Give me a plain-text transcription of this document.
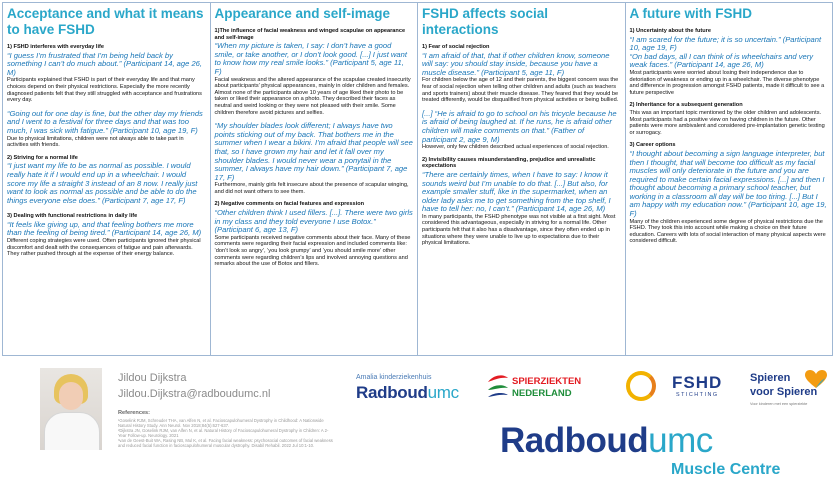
Acceptance and what it means to have FSHD
1) FSHD interferes with everyday life

“I guess I’m frustrated that I’m being held back by something I can’t do much about.” (Participant 14, age 26, M)

Participants explained that FSHD is part of their everyday life and that many choices depend on their physical restrictions. Especially the more recently diagnosed patients felt that they still struggled with acceptance and frustrations every day.

“Going out for one day is fine, but the other day my friends and I went to a festival for three days and that was too much, I was sick with fatigue.” (Participant 10, age 19, F)

Due to physical limitations, children were not always able to take part in activities with friends.

2) Striving for a normal life

“I just want my life to be as normal as possible. I would really hate it if I would end up in a wheelchair. I would score my life a straight 3 instead of an 8 now. I really just want to look as normal as possible and be able to do the things everyone else does.” (Participant 7, age 17, F)

3) Dealing with functional restrictions in daily life

“It feels like giving up, and that feeling bothers me more than the feeling of being tired.” (Participant 14, age 26, M)

Different coping strategies were used. Often participants ignored their physical discomfort and dealt with the consequences of fatigue and pain afterwards. They rather pushed through at the expense of their energy balance.

Appearance and self-image
1)The influence of facial weakness and winged scapulae on appearance and self-image

“When my picture is taken, I say: I don’t have a good smile, or take another, or I don’t look good. [...] I just want to know how my real smile looks.” (Participant 5, age 11, F)

Facial weakness and the altered appearance of the scapulae created insecurity about participants’ physical appearances, mainly in older children and females. Almost none of the participants above 10 years of age liked their photo to be taken or liked their appearance on a photo. They described their faces as neutral and weird looking or they were not pleased with their smile. Some children therefore avoid pictures and selfies.

“My shoulder blades look different; I always have two points sticking out of my back. That bothers me in the summer when I wear a bikini. I’m afraid that people will see that, so I have grown my hair and let it fall over my shoulder blades. I would never wear a ponytail in the summer, I always have my hair down.” (Participant 7, age 17, F)

Furthermore, mainly girls felt insecure about the presence of scapular winging, and did not want others to see them.

2) Negative comments on facial features and expression

“Other children think I used fillers. [...]. There were two girls in my class and they told everyone I use Botox.” (Participant 6, age 13, F)

Some participants received negative comments about their face. Many of these comments were regarding their facial expression and included comments like: ‘don’t look so angry’, ‘you look grumpy’ and ‘you should smile more’ other comments were regarding children’s lips and involved annoying questions and remarks about the use of Botox and fillers.

FSHD affects social interactions
1) Fear of social rejection

“I am afraid of that, that if other children know, someone will say: you should stay inside, because you have a muscle disease.” (Participant 5, age 11, F)

For children below the age of 12 and their parents, the biggest concern was the fear of social rejection when telling other children and adults (such as teachers and sports trainers) about their muscle disease. They feared that they would be treated differently, would be disqualified from physical activities or being bullied.

[...] “He is afraid to go to school on his tricycle because he is afraid of being laughed at. If he runs, he is afraid other children will make comments on that.” (Father of participant 2, age 9, M)

However, only few children described actual experiences of social rejection.

2) Invisibility causes misunderstanding, prejudice and unrealistic expectations

“There are certainly times, when I have to say: I know it sounds weird but I’m unable to do that. [...] But also, for example smaller stuff, like in the supermarket, when an older lady asks me to get something from the top shelf, I have to tell her: no, I can’t.” (Participant 14, age 26, M)

In many participants, the FSHD phenotype was not visible at a first sight. Most considered this advantageous, especially in striving for a normal life. Other participants felt that it also has a disadvantage, since they often ended up in situations where they were unable to live up to expectations due to their physical limitations.

A future with FSHD
1) Uncertainty about the future

“I am scared for the future; it is so uncertain.” (Participant 10, age 19, F)

“On bad days, all I can think of is wheelchairs and very weak faces.” (Participant 14, age 26, M)

Most participants were worried about losing their independence due to detoriation of weakness or ending up in a wheelchair. The diverse phenotype and difference in progression amongst FSHD patients, made it difficult to see a future perspective

2) Inheritance for a subsequent generation

This was an important topic mentioned by the older children and adolescents. Most participants had a positive view on having children in the future. Other patients were more ambivalent and considered pre-implantation genetic testing or surrogacy.

3) Career options

“I thought about becoming a sign language interpreter, but then I thought, that will become too difficult as my facial muscles will only deteriorate in the future and you are required to make certain facial expressions. [...] and then I thought about becoming a primary school teacher, but working in a classroom all day will be too tiring. [...] But I am happy with my education now.” (Participant 10, age 19, F)

Many of the children experienced some degree of physical restrictions due the FSHD. They took this into account while making a choice on their future education. Careers with lots of social interaction of many physical aspects were considered difficult.

Jildou Dijkstra
Jildou.Dijkstra@radboudumc.nl
References:
¹Goselink RJM, Schreuder THA, van Alfen N, et al. Facioscapulohumeral Dystrophy in Childhood: A Nationwide Natural History Study. Ann Neurol. Nov 2018;84(5):627-637.
²Dijkstra JN, Goselink RJM, van Alfen N, et al. Natural History of Facioscapulohumeral Dystrophy in Children: A 2-Year Follow-up. Neurology. 2021
³van de Geest-Buit WA, Rasing NB, Mul K, et al. Facing facial weakness: psychosocial outcomes of facial weakness and reduced facial function in facioscapulohumeral muscular dystrophy. Disabil Rehabil. 2022 Jul 10:1-10.
Amalia kinderziekenhuis
Radboudumc
SPIERZIEKTEN
NEDERLAND
FSHD
STICHTING
Spieren
voor Spieren
Voor kinderen met een spierziekte
Radboudumc
Muscle Centre
